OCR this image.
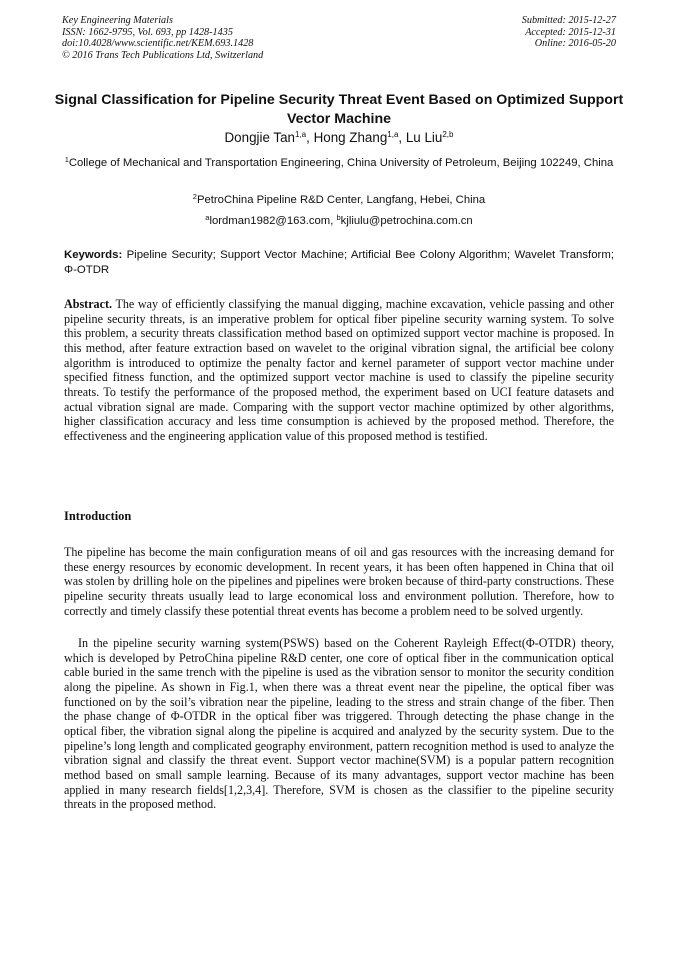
Key Engineering Materials
ISSN: 1662-9795, Vol. 693, pp 1428-1435
doi:10.4028/www.scientific.net/KEM.693.1428
© 2016 Trans Tech Publications Ltd, Switzerland
Submitted: 2015-12-27
Accepted: 2015-12-31
Online: 2016-05-20
Signal Classification for Pipeline Security Threat Event Based on Optimized Support Vector Machine
Dongjie Tan$^{1,a}$, Hong Zhang$^{1,a}$, Lu Liu$^{2,b}$
$^1$College of Mechanical and Transportation Engineering, China University of Petroleum, Beijing 102249, China
$^2$PetroChina Pipeline R&D Center, Langfang, Hebei, China
$^a$lordman1982@163.com, $^b$kjliulu@petrochina.com.cn
Keywords: Pipeline Security; Support Vector Machine; Artificial Bee Colony Algorithm; Wavelet Transform; Φ-OTDR
Abstract. The way of efficiently classifying the manual digging, machine excavation, vehicle passing and other pipeline security threats, is an imperative problem for optical fiber pipeline security warning system. To solve this problem, a security threats classification method based on optimized support vector machine is proposed. In this method, after feature extraction based on wavelet to the original vibration signal, the artificial bee colony algorithm is introduced to optimize the penalty factor and kernel parameter of support vector machine under specified fitness function, and the optimized support vector machine is used to classify the pipeline security threats. To testify the performance of the proposed method, the experiment based on UCI feature datasets and actual vibration signal are made. Comparing with the support vector machine optimized by other algorithms, higher classification accuracy and less time consumption is achieved by the proposed method. Therefore, the effectiveness and the engineering application value of this proposed method is testified.
Introduction

The pipeline has become the main configuration means of oil and gas resources with the increasing demand for these energy resources by economic development. In recent years, it has been often happened in China that oil was stolen by drilling hole on the pipelines and pipelines were broken because of third-party constructions. These pipeline security threats usually lead to large economical loss and environment pollution. Therefore, how to correctly and timely classify these potential threat events has become a problem need to be solved urgently.

In the pipeline security warning system(PSWS) based on the Coherent Rayleigh Effect(Φ-OTDR) theory, which is developed by PetroChina pipeline R&D center, one core of optical fiber in the communication optical cable buried in the same trench with the pipeline is used as the vibration sensor to monitor the security condition along the pipeline. As shown in Fig.1, when there was a threat event near the pipeline, the optical fiber was functioned on by the soil’s vibration near the pipeline, leading to the stress and strain change of the fiber. Then the phase change of Φ-OTDR in the optical fiber was triggered. Through detecting the phase change in the optical fiber, the vibration signal along the pipeline is acquired and analyzed by the security system. Due to the pipeline’s long length and complicated geography environment, pattern recognition method is used to analyze the vibration signal and classify the threat event. Support vector machine(SVM) is a popular pattern recognition method based on small sample learning. Because of its many advantages, support vector machine has been applied in many research fields[1,2,3,4]. Therefore, SVM is chosen as the classifier to the pipeline security threats in the proposed method.
